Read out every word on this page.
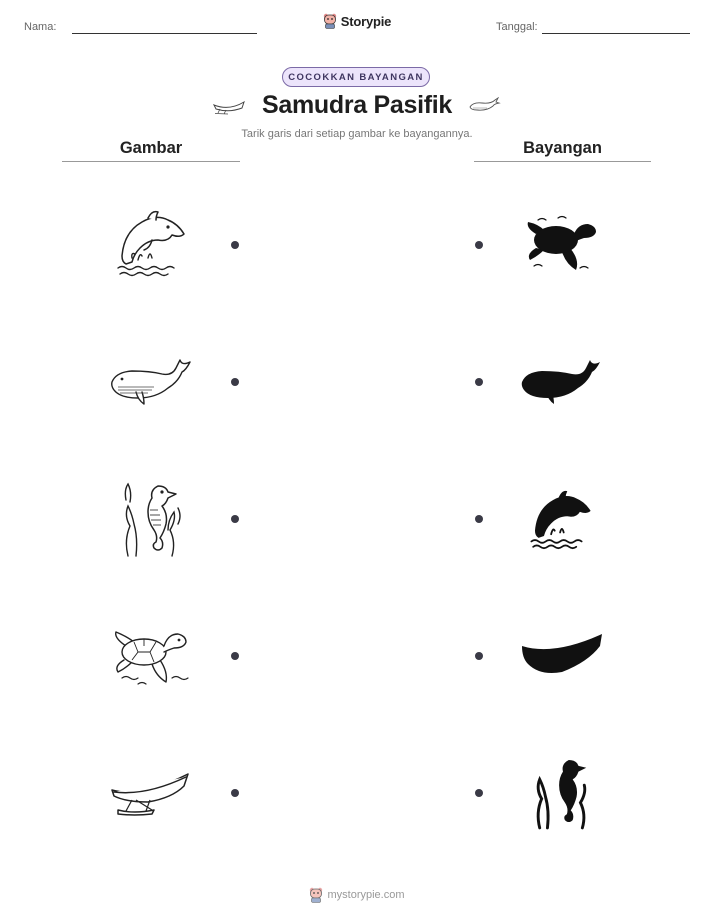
Nama:	Storypie	Tanggal:
COCOKKAN BAYANGAN
Samudra Pasifik
Tarik garis dari setiap gambar ke bayangannya.
Gambar	Bayangan
mystorypie.com
